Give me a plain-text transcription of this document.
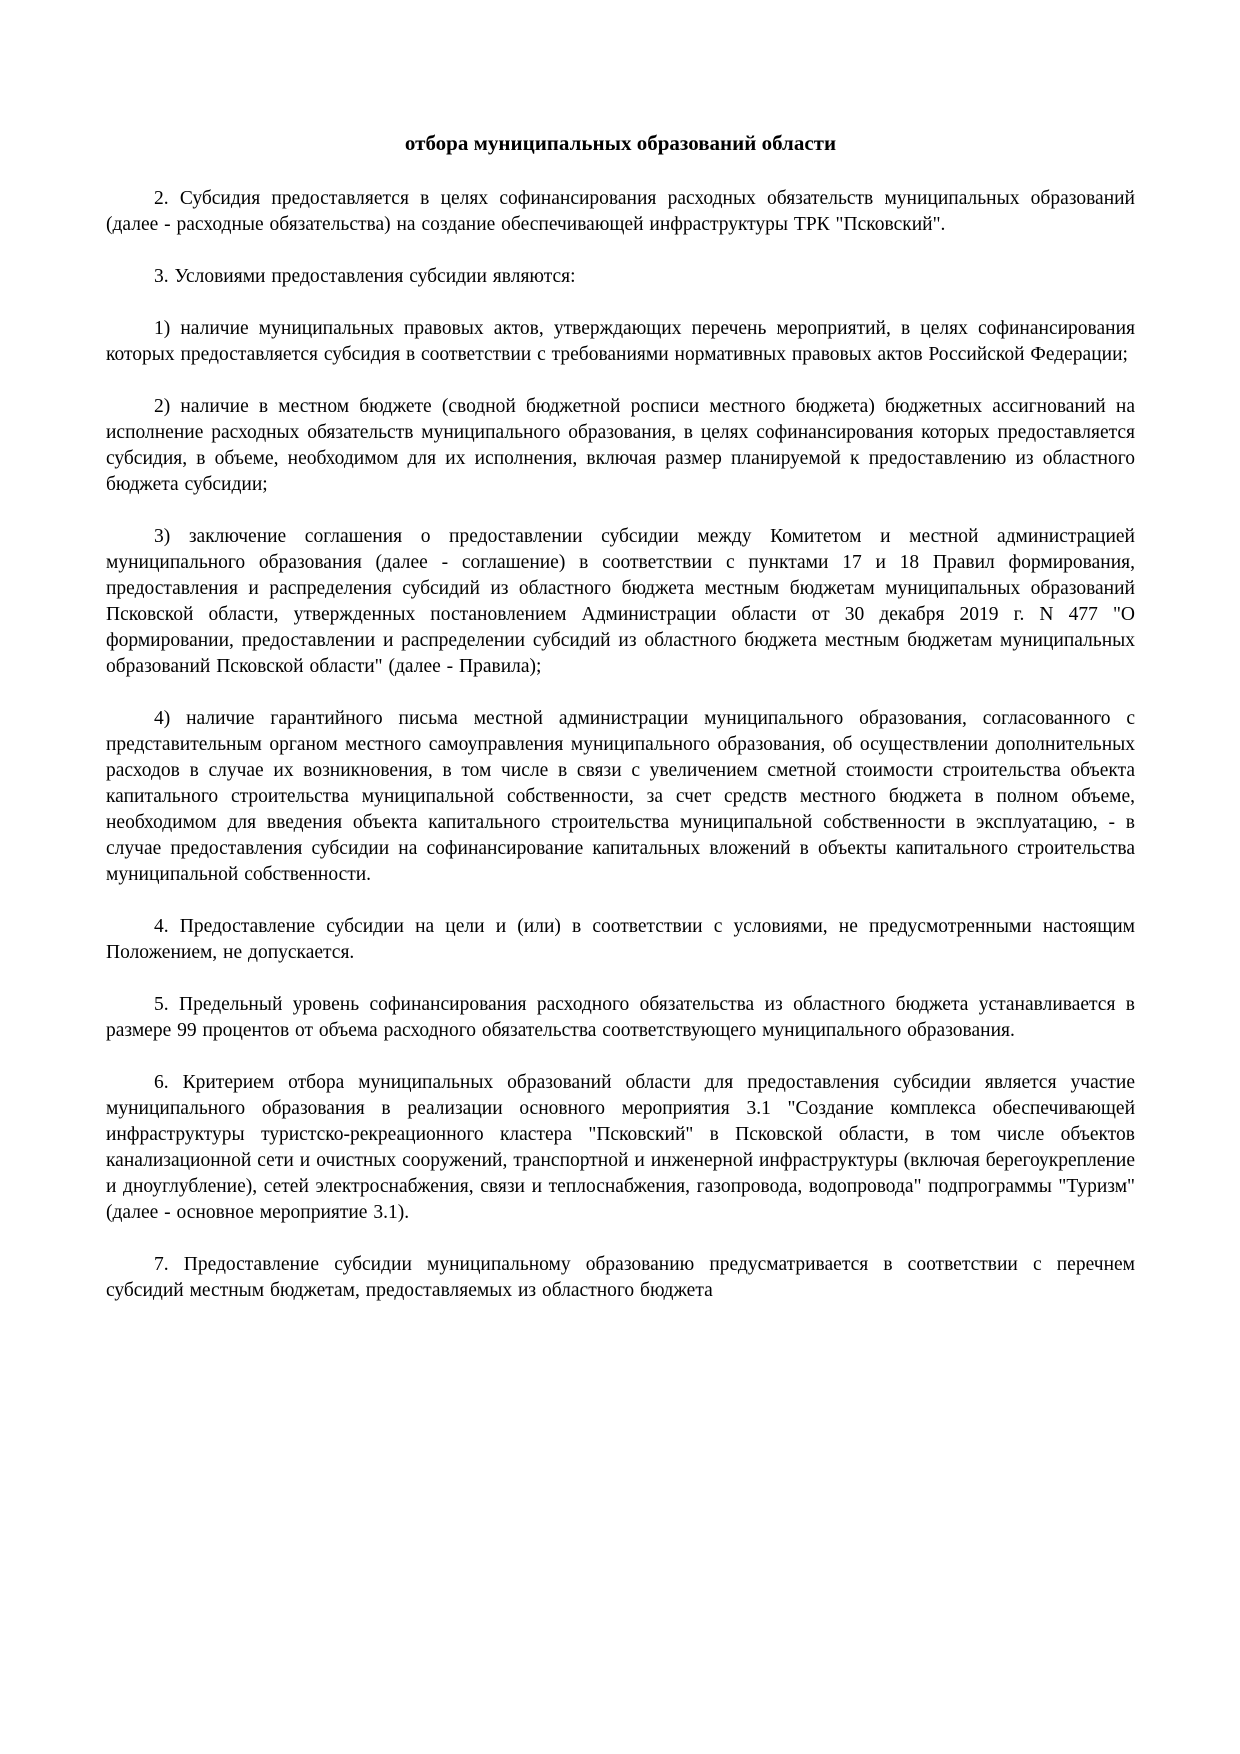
отбора муниципальных образований области

2. Субсидия предоставляется в целях софинансирования расходных обязательств муниципальных образований (далее - расходные обязательства) на создание обеспечивающей инфраструктуры ТРК "Псковский".

3. Условиями предоставления субсидии являются:

1) наличие муниципальных правовых актов, утверждающих перечень мероприятий, в целях софинансирования которых предоставляется субсидия в соответствии с требованиями нормативных правовых актов Российской Федерации;

2) наличие в местном бюджете (сводной бюджетной росписи местного бюджета) бюджетных ассигнований на исполнение расходных обязательств муниципального образования, в целях софинансирования которых предоставляется субсидия, в объеме, необходимом для их исполнения, включая размер планируемой к предоставлению из областного бюджета субсидии;

3) заключение соглашения о предоставлении субсидии между Комитетом и местной администрацией муниципального образования (далее - соглашение) в соответствии с пунктами 17 и 18 Правил формирования, предоставления и распределения субсидий из областного бюджета местным бюджетам муниципальных образований Псковской области, утвержденных постановлением Администрации области от 30 декабря 2019 г. N 477 "О формировании, предоставлении и распределении субсидий из областного бюджета местным бюджетам муниципальных образований Псковской области" (далее - Правила);

4) наличие гарантийного письма местной администрации муниципального образования, согласованного с представительным органом местного самоуправления муниципального образования, об осуществлении дополнительных расходов в случае их возникновения, в том числе в связи с увеличением сметной стоимости строительства объекта капитального строительства муниципальной собственности, за счет средств местного бюджета в полном объеме, необходимом для введения объекта капитального строительства муниципальной собственности в эксплуатацию, - в случае предоставления субсидии на софинансирование капитальных вложений в объекты капитального строительства муниципальной собственности.

4. Предоставление субсидии на цели и (или) в соответствии с условиями, не предусмотренными настоящим Положением, не допускается.

5. Предельный уровень софинансирования расходного обязательства из областного бюджета устанавливается в размере 99 процентов от объема расходного обязательства соответствующего муниципального образования.

6. Критерием отбора муниципальных образований области для предоставления субсидии является участие муниципального образования в реализации основного мероприятия 3.1 "Создание комплекса обеспечивающей инфраструктуры туристско-рекреационного кластера "Псковский" в Псковской области, в том числе объектов канализационной сети и очистных сооружений, транспортной и инженерной инфраструктуры (включая берегоукрепление и дноуглубление), сетей электроснабжения, связи и теплоснабжения, газопровода, водопровода" подпрограммы "Туризм" (далее - основное мероприятие 3.1).

7. Предоставление субсидии муниципальному образованию предусматривается в соответствии с перечнем субсидий местным бюджетам, предоставляемых из областного бюджета
